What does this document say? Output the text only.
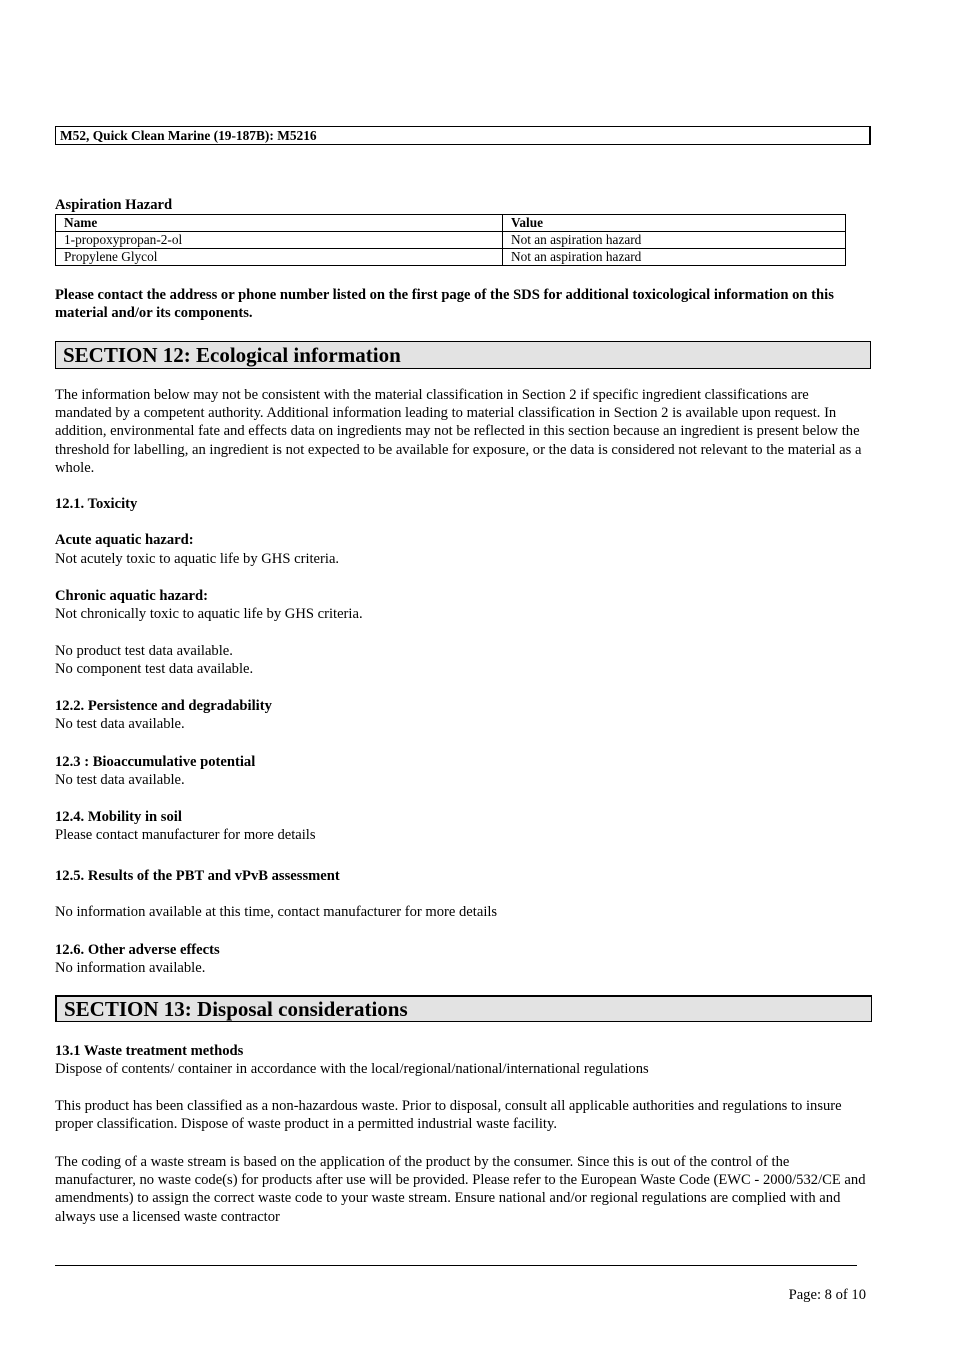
M52, Quick Clean Marine (19-187B): M5216
Aspiration Hazard
Name	Value
1-propoxypropan-2-ol	Not an aspiration hazard
Propylene Glycol	Not an aspiration hazard
Please contact the address or phone number listed on the first page of the SDS for additional toxicological information on this material and/or its components.
SECTION 12: Ecological information
The information below may not be consistent with the material classification in Section 2 if specific ingredient classifications are mandated by a competent authority. Additional information leading to material classification in Section 2 is available upon request. In addition, environmental fate and effects data on ingredients may not be reflected in this section because an ingredient is present below the threshold for labelling, an ingredient is not expected to be available for exposure, or the data is considered not relevant to the material as a whole.
12.1. Toxicity
Acute aquatic hazard:
Not acutely toxic to aquatic life by GHS criteria.
Chronic aquatic hazard:
Not chronically toxic to aquatic life by GHS criteria.
No product test data available.
No component test data available.
12.2. Persistence and degradability
No test data available.
12.3 : Bioaccumulative potential
No test data available.
12.4. Mobility in soil
Please contact manufacturer for more details
12.5. Results of the PBT and vPvB assessment
No information available at this time, contact manufacturer for more details
12.6. Other adverse effects
No information available.
SECTION 13: Disposal considerations
13.1 Waste treatment methods
Dispose of contents/ container in accordance with the local/regional/national/international regulations
This product has been classified as a non-hazardous waste. Prior to disposal, consult all applicable authorities and regulations to insure proper classification. Dispose of waste product in a permitted industrial waste facility.
The coding of a waste stream is based on the application of the product by the consumer. Since this is out of the control of the manufacturer, no waste code(s) for products after use will be provided. Please refer to the European Waste Code (EWC - 2000/532/CE and amendments) to assign the correct waste code to your waste stream. Ensure national and/or regional regulations are complied with and always use a licensed waste contractor
Page: 8 of 10
